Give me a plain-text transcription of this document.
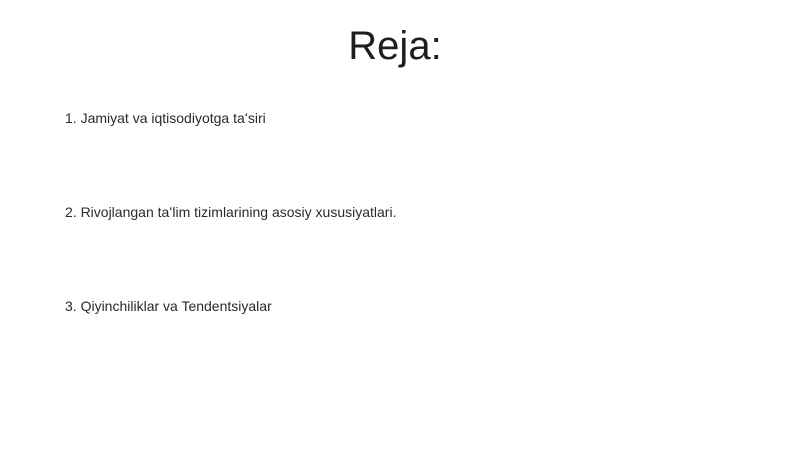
Reja:
1. Jamiyat va iqtisodiyotga taʻsiri
2. Rivojlangan taʻlim tizimlarining asosiy xususiyatlari.
3. Qiyinchiliklar va Tendentsiyalar
